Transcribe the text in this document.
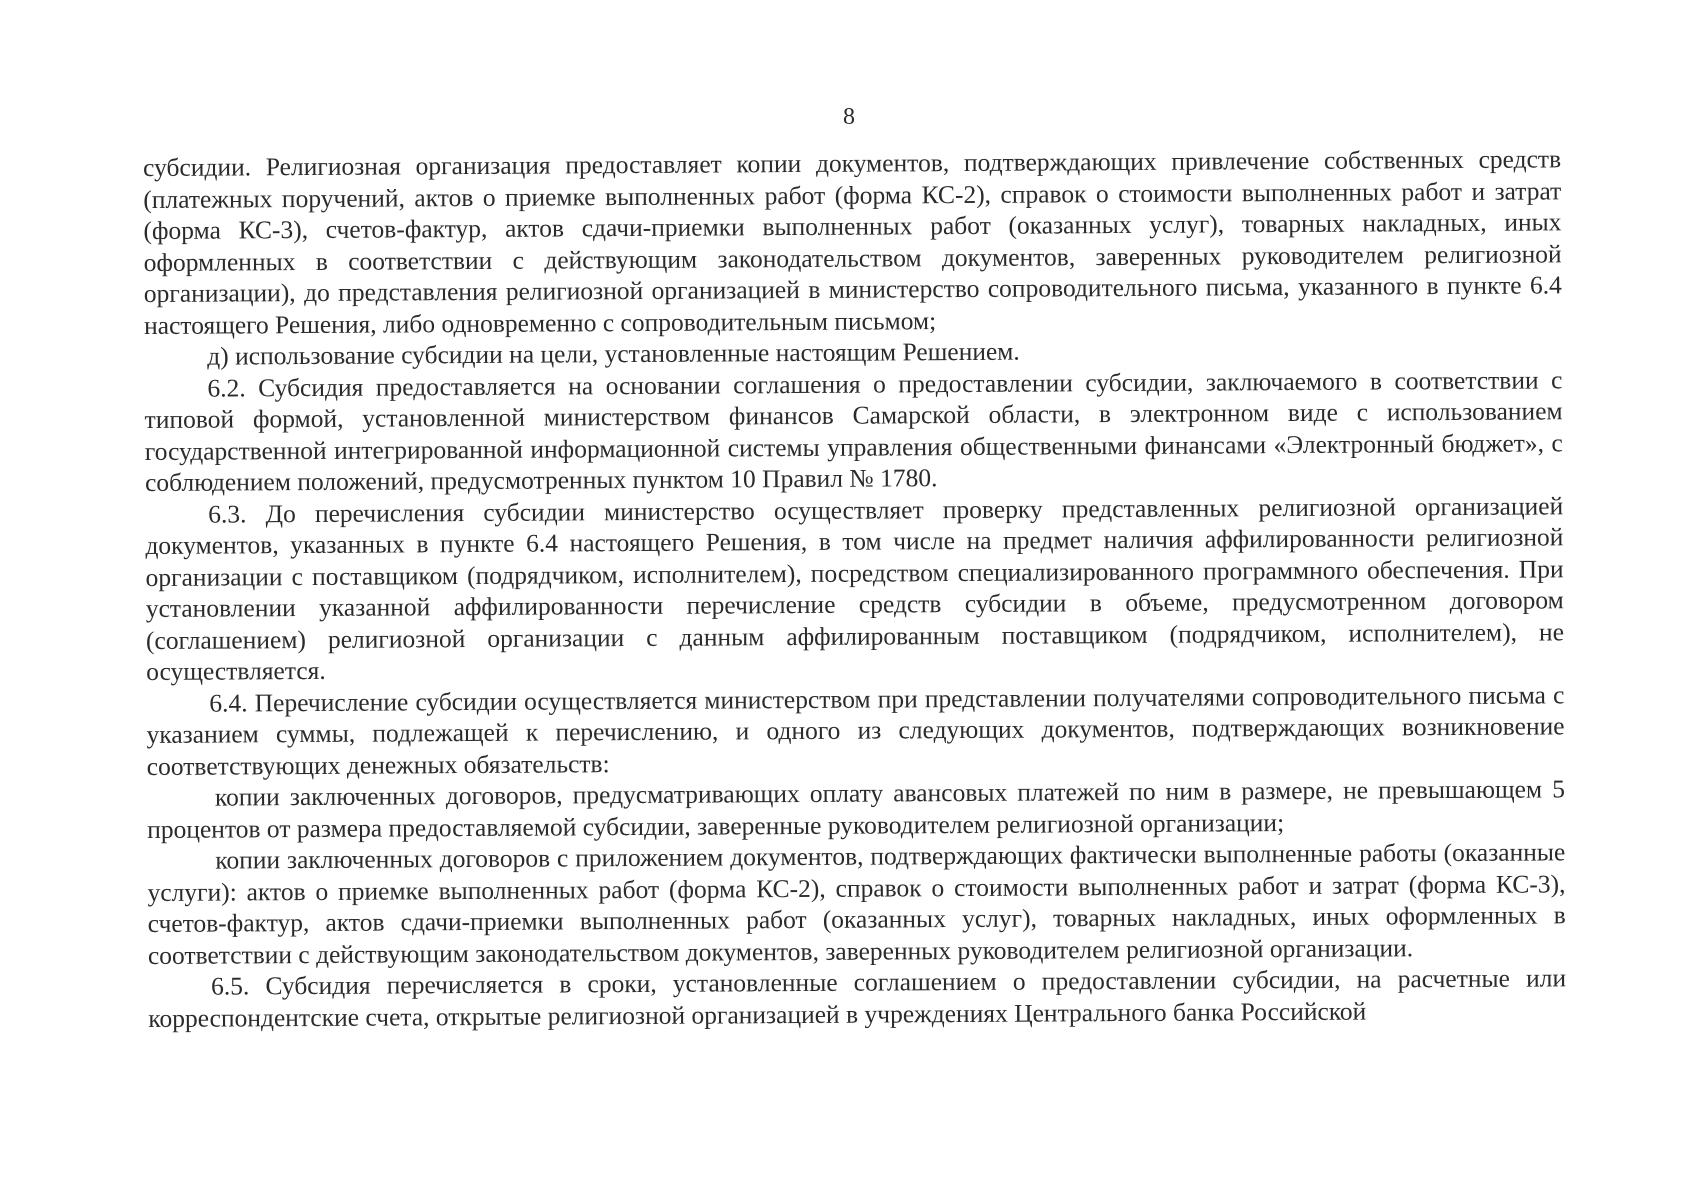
8

субсидии. Религиозная организация предоставляет копии документов, подтверждающих привлечение собственных средств (платежных поручений, актов о приемке выполненных работ (форма КС-2), справок о стоимости выполненных работ и затрат (форма КС-3), счетов-фактур, актов сдачи-приемки выполненных работ (оказанных услуг), товарных накладных, иных оформленных в соответствии с действующим законодательством документов, заверенных руководителем религиозной организации), до представления религиозной организацией в министерство сопроводительного письма, указанного в пункте 6.4 настоящего Решения, либо одновременно с сопроводительным письмом;

д) использование субсидии на цели, установленные настоящим Решением.

6.2. Субсидия предоставляется на основании соглашения о предоставлении субсидии, заключаемого в соответствии с типовой формой, установленной министерством финансов Самарской области, в электронном виде с использованием государственной интегрированной информационной системы управления общественными финансами «Электронный бюджет», с соблюдением положений, предусмотренных пунктом 10 Правил № 1780.

6.3. До перечисления субсидии министерство осуществляет проверку представленных религиозной организацией документов, указанных в пункте 6.4 настоящего Решения, в том числе на предмет наличия аффилированности религиозной организации с поставщиком (подрядчиком, исполнителем), посредством специализированного программного обеспечения. При установлении указанной аффилированности перечисление средств субсидии в объеме, предусмотренном договором (соглашением) религиозной организации с данным аффилированным поставщиком (подрядчиком, исполнителем), не осуществляется.

6.4. Перечисление субсидии осуществляется министерством при представлении получателями сопроводительного письма с указанием суммы, подлежащей к перечислению, и одного из следующих документов, подтверждающих возникновение соответствующих денежных обязательств:

копии заключенных договоров, предусматривающих оплату авансовых платежей по ним в размере, не превышающем 5 процентов от размера предоставляемой субсидии, заверенные руководителем религиозной организации;

копии заключенных договоров с приложением документов, подтверждающих фактически выполненные работы (оказанные услуги): актов о приемке выполненных работ (форма КС-2), справок о стоимости выполненных работ и затрат (форма КС-3), счетов-фактур, актов сдачи-приемки выполненных работ (оказанных услуг), товарных накладных, иных оформленных в соответствии с действующим законодательством документов, заверенных руководителем религиозной организации.

6.5. Субсидия перечисляется в сроки, установленные соглашением о предоставлении субсидии, на расчетные или корреспондентские счета, открытые религиозной организацией в учреждениях Центрального банка Российской
